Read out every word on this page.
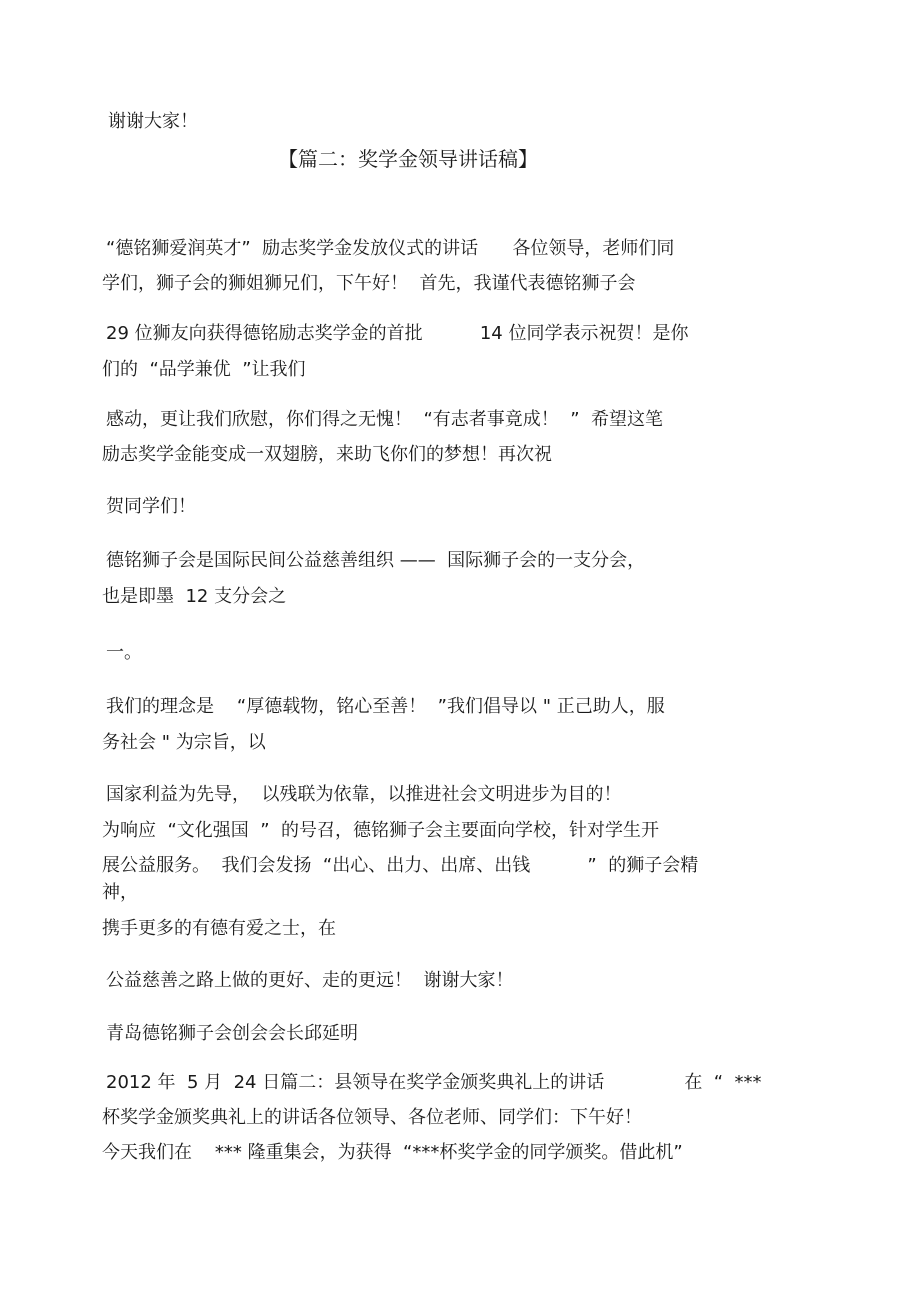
谢谢大家！
【篇二：奖学金领导讲话稿】
“德铭狮爱润英才”  励志奖学金发放仪式的讲话      各位领导，老师们同
学们，狮子会的狮姐狮兄们，下午好！  首先，我谨代表德铭狮子会
29 位狮友向获得德铭励志奖学金的首批          14 位同学表示祝贺！是你
们的  “品学兼优  ”让我们
感动，更让我们欣慰，你们得之无愧！  “有志者事竟成！  ”  希望这笔
励志奖学金能变成一双翅膀，来助飞你们的梦想！再次祝
贺同学们！
德铭狮子会是国际民间公益慈善组织 ——  国际狮子会的一支分会，
也是即墨  12 支分会之
一。
我们的理念是    “厚德载物，铭心至善！  ”我们倡导以 " 正己助人，服
务社会 " 为宗旨，以
国家利益为先导，  以残联为依靠，以推进社会文明进步为目的！
为响应  “文化强国  ”  的号召，德铭狮子会主要面向学校，针对学生开
展公益服务。  我们会发扬  “出心、出力、出席、出钱          ”  的狮子会精
神，
携手更多的有德有爱之士，在
公益慈善之路上做的更好、走的更远！  谢谢大家！
青岛德铭狮子会创会会长邱延明
2012 年  5 月  24 日篇二：县领导在奖学金颁奖典礼上的讲话              在  “  ***
杯奖学金颁奖典礼上的讲话各位领导、各位老师、同学们：下午好！
今天我们在    *** 隆重集会，为获得  “***杯奖学金的同学颁奖。借此机”
